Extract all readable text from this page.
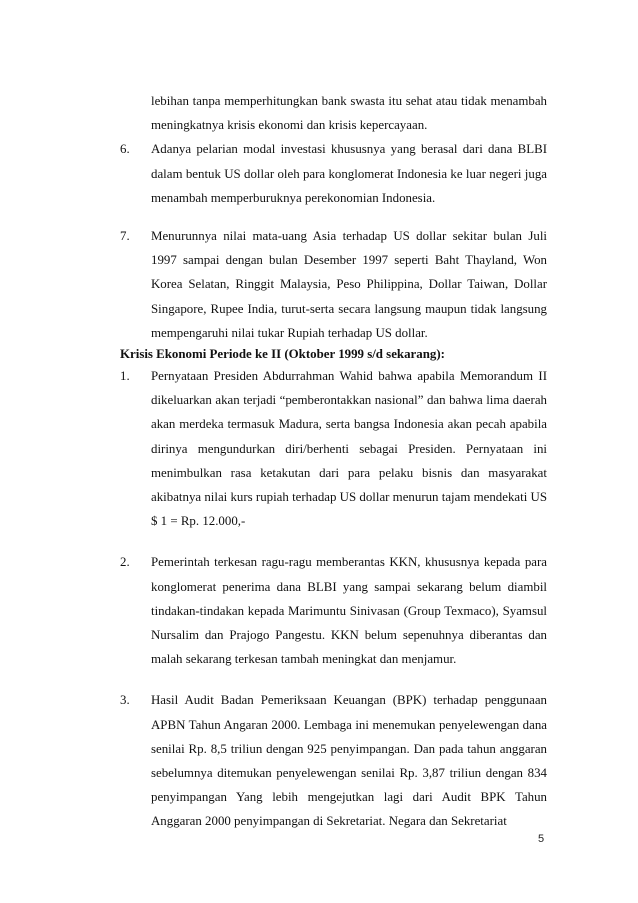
lebihan tanpa memperhitungkan bank swasta itu sehat atau tidak menambah meningkatnya krisis ekonomi dan krisis kepercayaan.
6. Adanya pelarian modal investasi khususnya yang berasal dari dana BLBI dalam bentuk US dollar oleh para konglomerat Indonesia ke luar negeri juga menambah memperburuknya perekonomian Indonesia.
7. Menurunnya nilai mata-uang Asia terhadap US dollar sekitar bulan Juli 1997 sampai dengan bulan Desember 1997 seperti Baht Thayland, Won Korea Selatan, Ringgit Malaysia, Peso Philippina, Dollar Taiwan, Dollar Singapore, Rupee India, turut-serta secara langsung maupun tidak langsung mempengaruhi nilai tukar Rupiah terhadap US dollar.
Krisis Ekonomi Periode ke II (Oktober 1999 s/d sekarang):
1. Pernyataan Presiden Abdurrahman Wahid bahwa apabila Memorandum II dikeluarkan akan terjadi “pemberontakkan nasional” dan bahwa lima daerah akan merdeka termasuk Madura, serta bangsa Indonesia akan pecah apabila dirinya mengundurkan diri/berhenti sebagai Presiden. Pernyataan ini menimbulkan rasa ketakutan dari para pelaku bisnis dan masyarakat akibatnya nilai kurs rupiah terhadap US dollar menurun tajam mendekati US $ 1 = Rp. 12.000,-
2. Pemerintah terkesan ragu-ragu memberantas KKN, khususnya kepada para konglomerat penerima dana BLBI yang sampai sekarang belum diambil tindakan-tindakan kepada Marimuntu Sinivasan (Group Texmaco), Syamsul Nursalim dan Prajogo Pangestu. KKN belum sepenuhnya diberantas dan malah sekarang terkesan tambah meningkat dan menjamur.
3. Hasil Audit Badan Pemeriksaan Keuangan (BPK) terhadap penggunaan APBN Tahun Angaran 2000. Lembaga ini menemukan penyelewengan dana senilai Rp. 8,5 triliun dengan 925 penyimpangan. Dan pada tahun anggaran sebelumnya ditemukan penyelewengan senilai Rp. 3,87 triliun dengan 834 penyimpangan Yang lebih mengejutkan lagi dari Audit BPK Tahun Anggaran 2000 penyimpangan di Sekretariat. Negara dan Sekretariat
5
